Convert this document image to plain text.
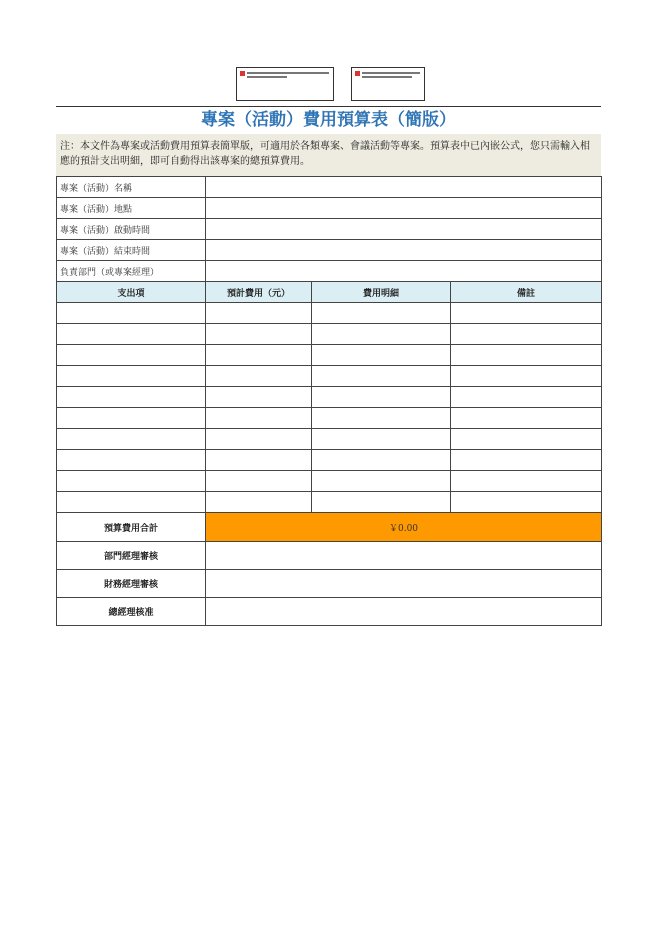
專案（活動）費用預算表（簡版）
注：本文件為專案或活動費用預算表簡單版，可適用於各類專案、會議活動等專案。預算表中已內嵌公式，您只需輸入相應的預計支出明細，即可自動得出該專案的總預算費用。
專案（活動）名稱			
專案（活動）地點			
專案（活動）啟動時間			
專案（活動）結束時間			
負責部門（或專案經理）			
支出項	預計費用（元）	費用明細	備註

預算費用合計	￥0.00		
部門經理審核			
財務經理審核			
總經理核准			
